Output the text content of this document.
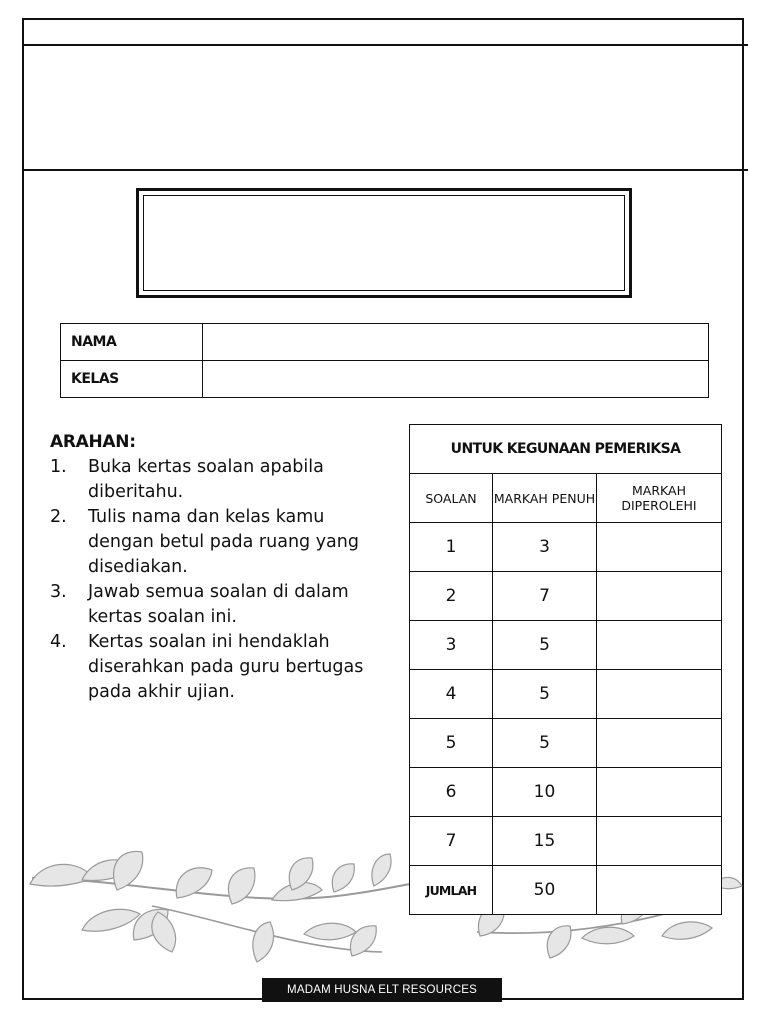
NAMA	
KELAS	
ARAHAN:
1.	Buka kertas soalan apabila diberitahu.
2.	Tulis nama dan kelas kamu dengan betul pada ruang yang disediakan.
3.	Jawab semua soalan di dalam kertas soalan ini.
4.	Kertas soalan ini hendaklah diserahkan pada guru bertugas pada akhir ujian.
UNTUK KEGUNAAN PEMERIKSA		
SOALAN	MARKAH PENUH	MARKAH DIPEROLEHI
1	3	
2	7	
3	5	
4	5	
5	5	
6	10	
7	15	
JUMLAH	50	
MADAM HUSNA ELT RESOURCES
